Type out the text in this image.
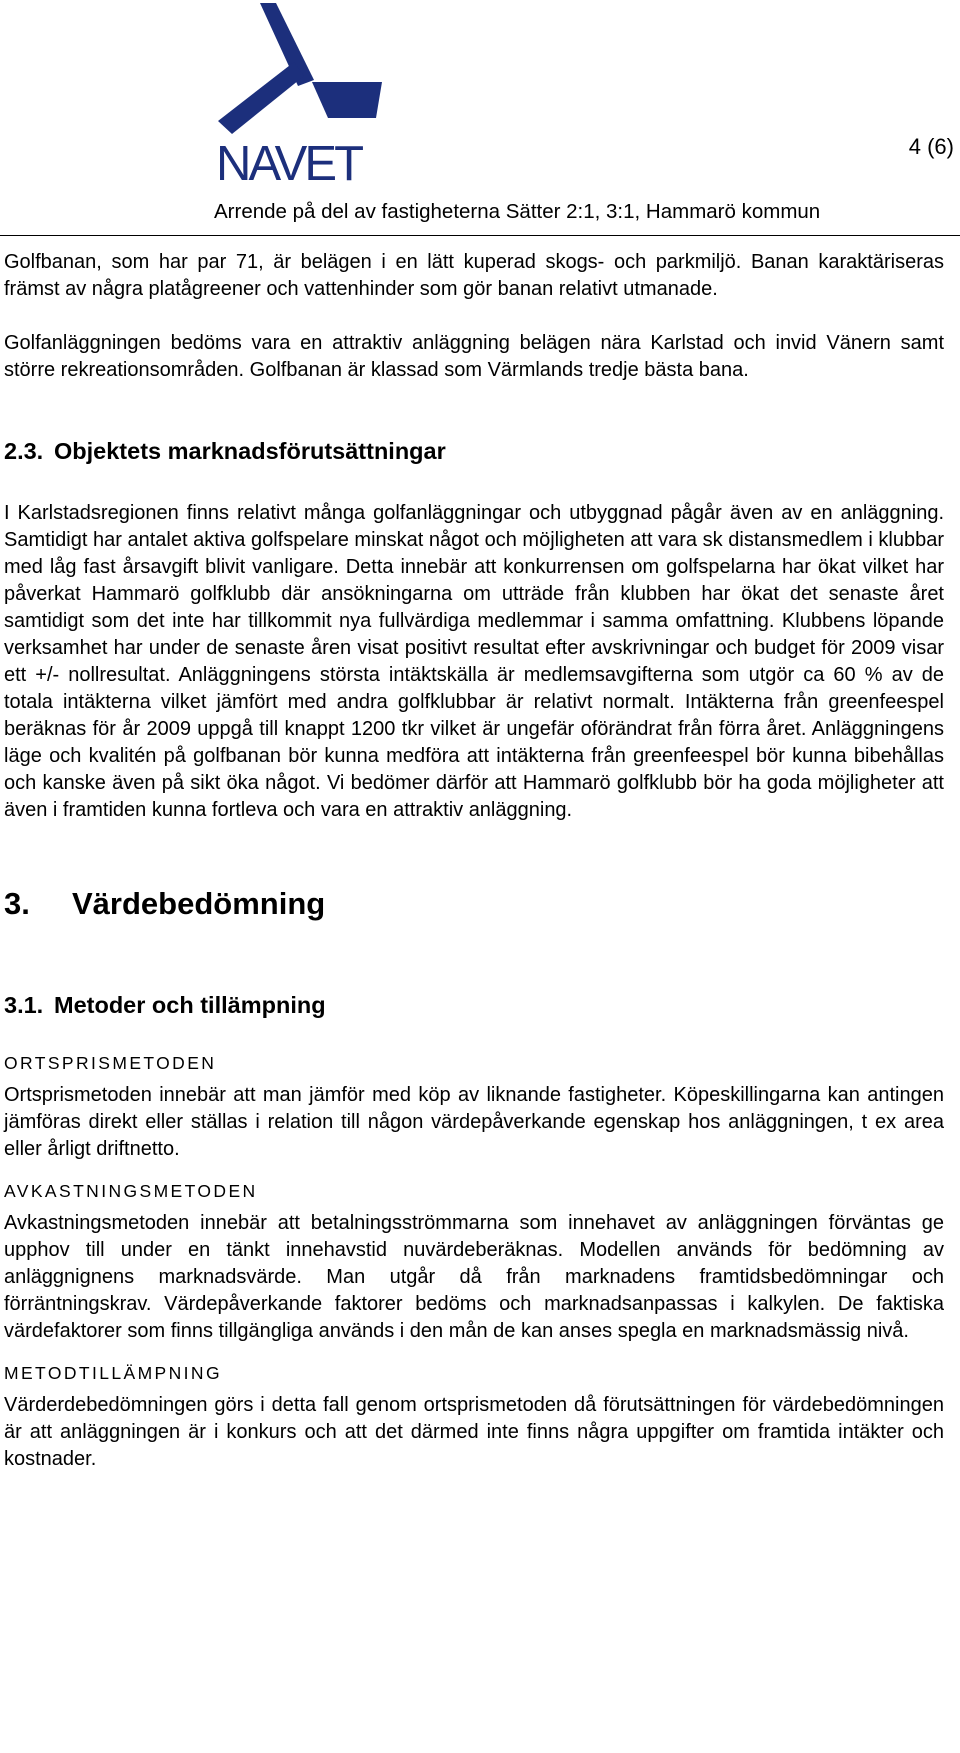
NAVET	4 (6)
Arrende på del av fastigheterna Sätter 2:1, 3:1, Hammarö kommun

Golfbanan, som har par 71, är belägen i en lätt kuperad skogs- och parkmiljö. Banan karaktäriseras främst av några platågreener och vattenhinder som gör banan relativt utmanade.

Golfanläggningen bedöms vara en attraktiv anläggning belägen nära Karlstad och invid Vänern samt större rekreationsområden. Golfbanan är klassad som Värmlands tredje bästa bana.

2.3. Objektets marknadsförutsättningar

I Karlstadsregionen finns relativt många golfanläggningar och utbyggnad pågår även av en anläggning. Samtidigt har antalet aktiva golfspelare minskat något och möjligheten att vara sk distansmedlem i klubbar med låg fast årsavgift blivit vanligare. Detta innebär att konkurrensen om golfspelarna har ökat vilket har påverkat Hammarö golfklubb där ansökningarna om utträde från klubben har ökat det senaste året samtidigt som det inte har tillkommit nya fullvärdiga medlemmar i samma omfattning. Klubbens löpande verksamhet har under de senaste åren visat positivt resultat efter avskrivningar och budget för 2009 visar ett +/- nollresultat. Anläggningens största intäktskälla är medlemsavgifterna som utgör ca 60 % av de totala intäkterna vilket jämfört med andra golfklubbar är relativt normalt. Intäkterna från greenfeespel beräknas för år 2009 uppgå till knappt 1200 tkr vilket är ungefär oförändrat från förra året. Anläggningens läge och kvalitén på golfbanan bör kunna medföra att intäkterna från greenfeespel bör kunna bibehållas och kanske även på sikt öka något. Vi bedömer därför att Hammarö golfklubb bör ha goda möjligheter att även i framtiden kunna fortleva och vara en attraktiv anläggning.

3.	Värdebedömning
3.1. Metoder och tillämpning
ORTSPRISMETODEN

Ortsprismetoden innebär att man jämför med köp av liknande fastigheter. Köpeskillingarna kan antingen jämföras direkt eller ställas i relation till någon värdepåverkande egenskap hos anläggningen, t ex area eller årligt driftnetto.

AVKASTNINGSMETODEN

Avkastningsmetoden innebär att betalningsströmmarna som innehavet av anläggningen förväntas ge upphov till under en tänkt innehavstid nuvärdeberäknas. Modellen används för bedömning av anläggnignens marknadsvärde. Man utgår då från marknadens framtidsbedömningar och förräntningskrav. Värdepåverkande faktorer bedöms och marknadsanpassas i kalkylen. De faktiska värdefaktorer som finns tillgängliga används i den mån de kan anses spegla en marknadsmässig nivå.

METODTILLÄMPNING

Värderdebedömningen görs i detta fall genom ortsprismetoden då förutsättningen för värdebedömningen är att anläggningen är i konkurs och att det därmed inte finns några uppgifter om framtida intäkter och kostnader.
